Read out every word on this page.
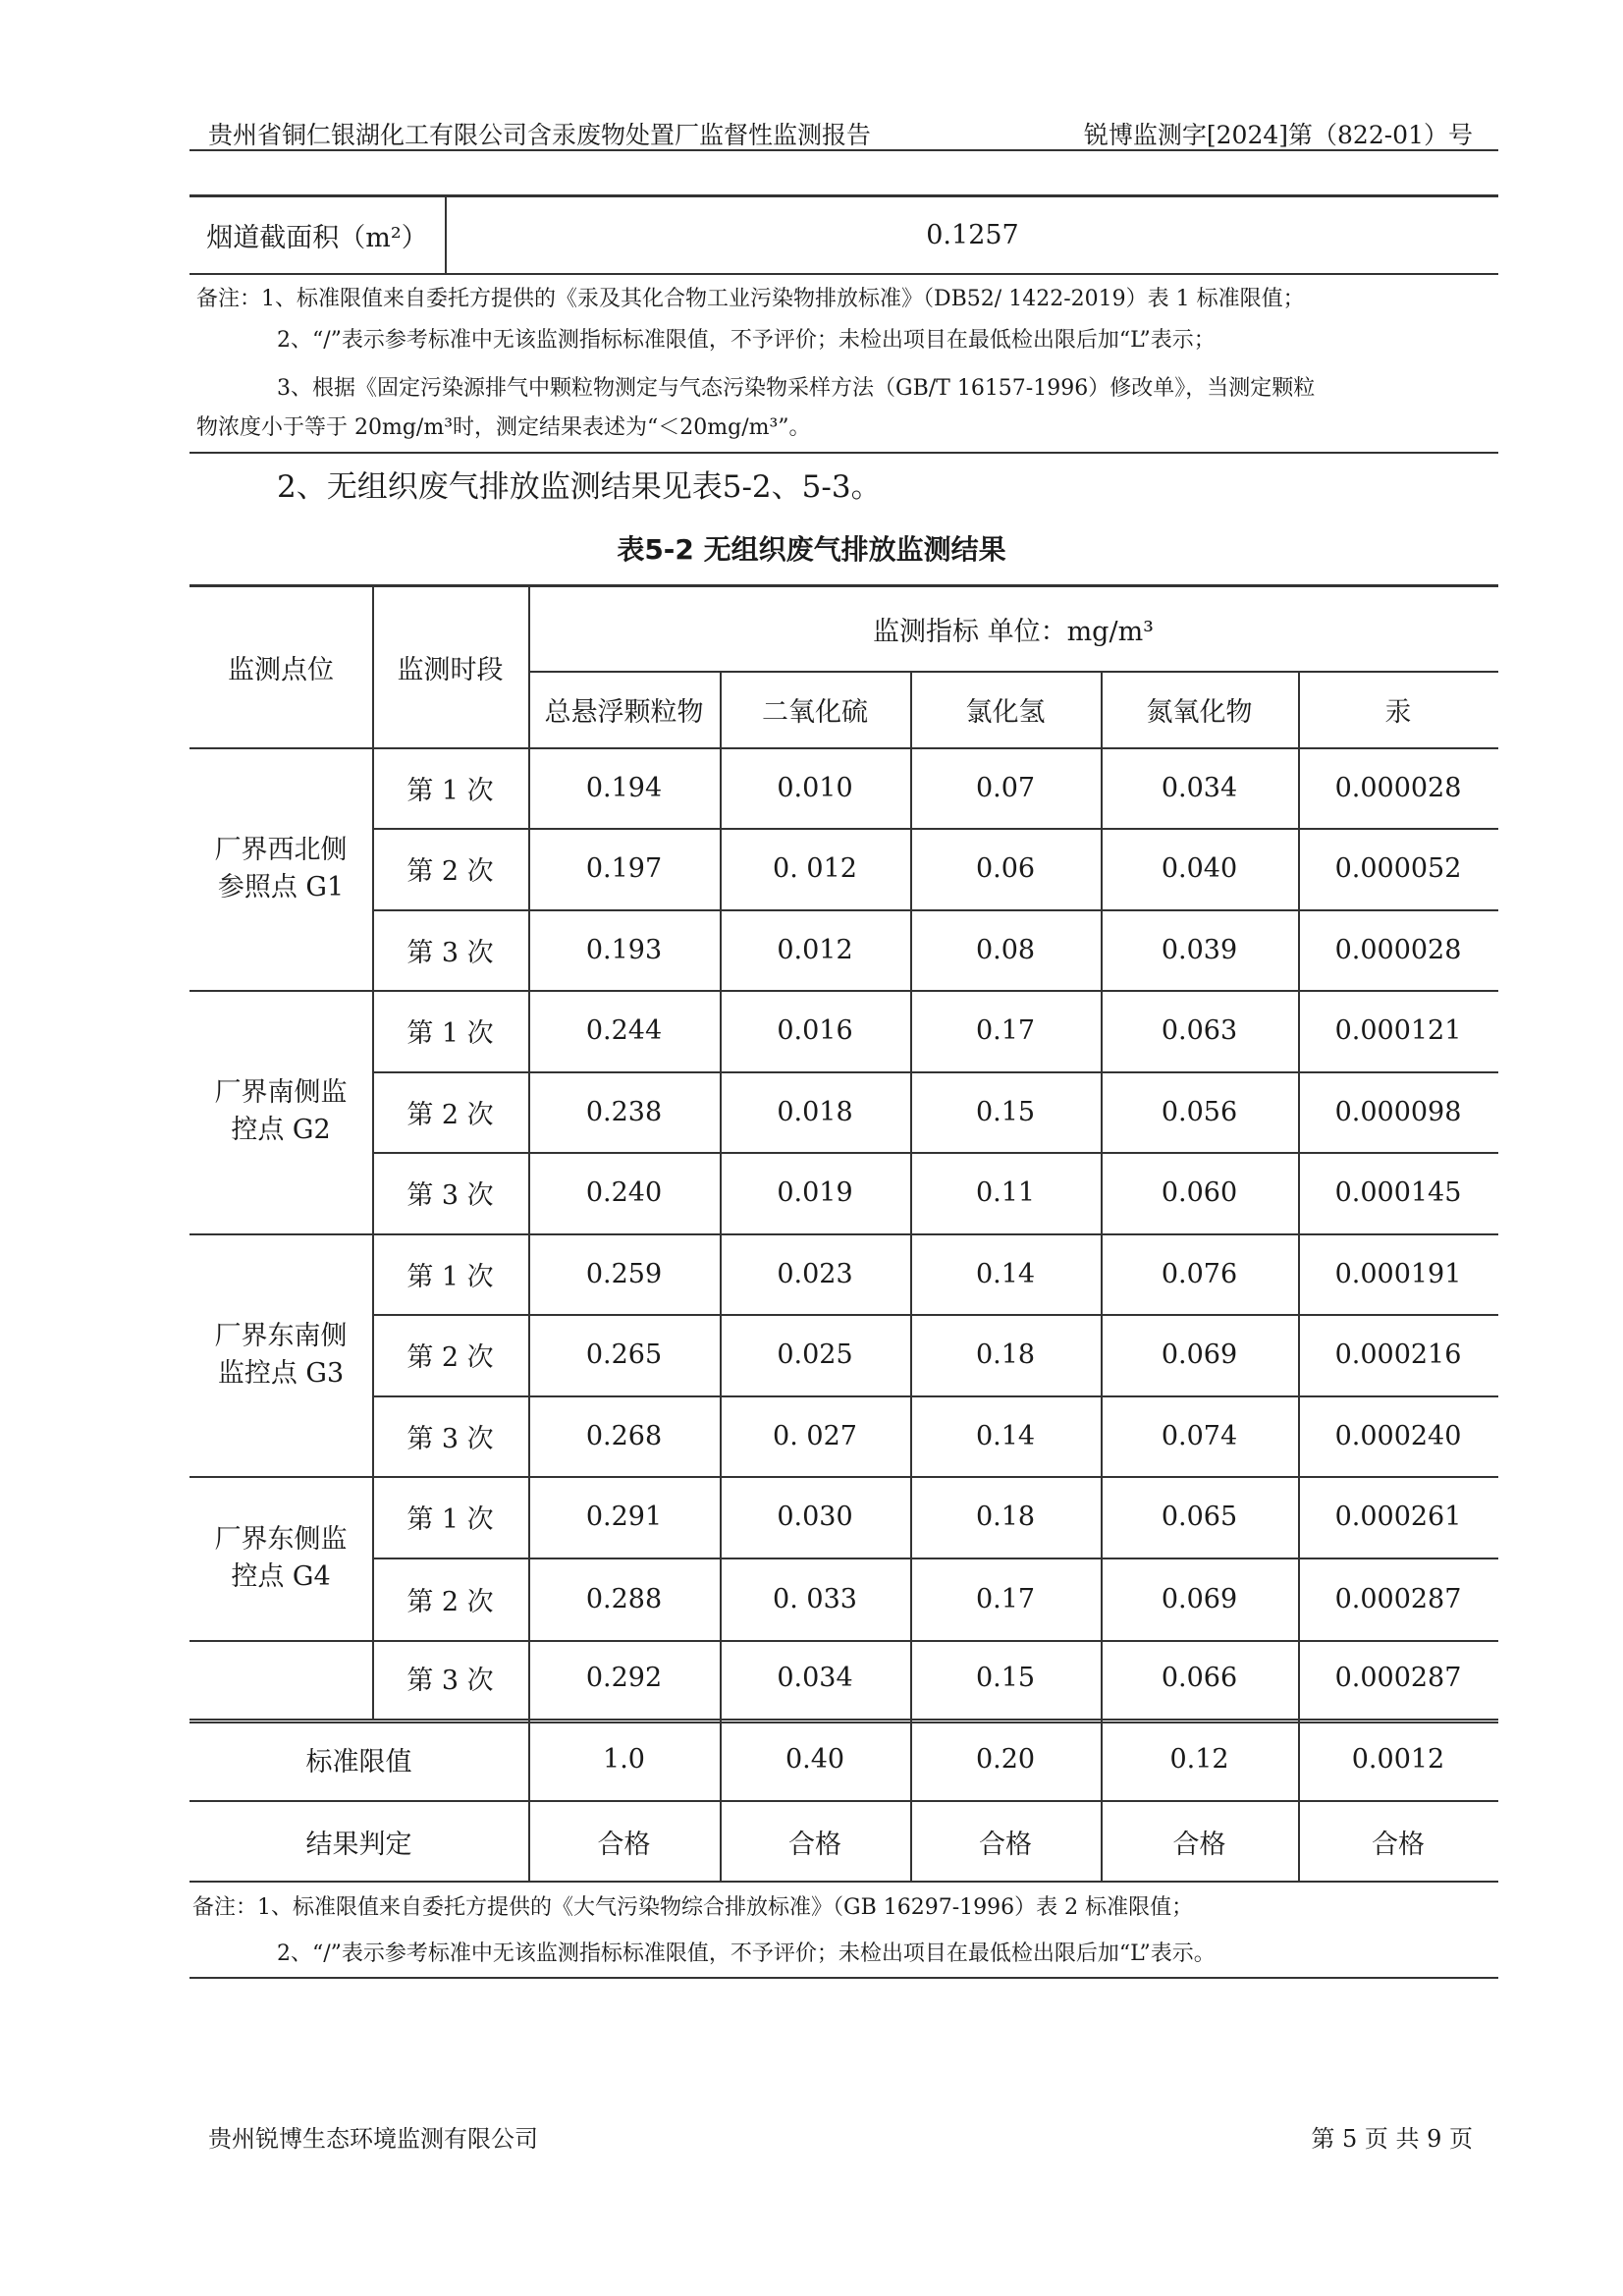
贵州省铜仁银湖化工有限公司含汞废物处置厂监督性监测报告	锐博监测字[2024]第（822-01）号
烟道截面积（m²）	0.1257
备注：1、标准限值来自委托方提供的《汞及其化合物工业污染物排放标准》（DB52/ 1422-2019）表 1 标准限值；
2、“/”表示参考标准中无该监测指标标准限值，不予评价；未检出项目在最低检出限后加“L”表示；
3、根据《固定污染源排气中颗粒物测定与气态污染物采样方法（GB/T 16157-1996）修改单》，当测定颗粒
物浓度小于等于 20mg/m³时，测定结果表述为“＜20mg/m³”。
2、无组织废气排放监测结果见表5-2、5-3。
表5-2 无组织废气排放监测结果
监测点位	监测时段
监测指标 单位：mg/m³
总悬浮颗粒物	二氧化硫	氯化氢	氮氧化物	汞
厂界西北侧
参照点 G1
第 1 次	0.194	0.010	0.07	0.034	0.000028
第 2 次	0.197	0. 012	0.06	0.040	0.000052
第 3 次	0.193	0.012	0.08	0.039	0.000028
厂界南侧监
控点 G2
第 1 次	0.244	0.016	0.17	0.063	0.000121
第 2 次	0.238	0.018	0.15	0.056	0.000098
第 3 次	0.240	0.019	0.11	0.060	0.000145
厂界东南侧
监控点 G3
第 1 次	0.259	0.023	0.14	0.076	0.000191
第 2 次	0.265	0.025	0.18	0.069	0.000216
第 3 次	0.268	0. 027	0.14	0.074	0.000240
厂界东侧监
控点 G4
第 1 次	0.291	0.030	0.18	0.065	0.000261
第 2 次	0.288	0. 033	0.17	0.069	0.000287
第 3 次	0.292	0.034	0.15	0.066	0.000287
标准限值	1.0	0.40	0.20	0.12	0.0012
结果判定	合格	合格	合格	合格	合格
备注：1、标准限值来自委托方提供的《大气污染物综合排放标准》（GB 16297-1996）表 2 标准限值；
2、“/”表示参考标准中无该监测指标标准限值，不予评价；未检出项目在最低检出限后加“L”表示。
贵州锐博生态环境监测有限公司	第 5 页 共 9 页
